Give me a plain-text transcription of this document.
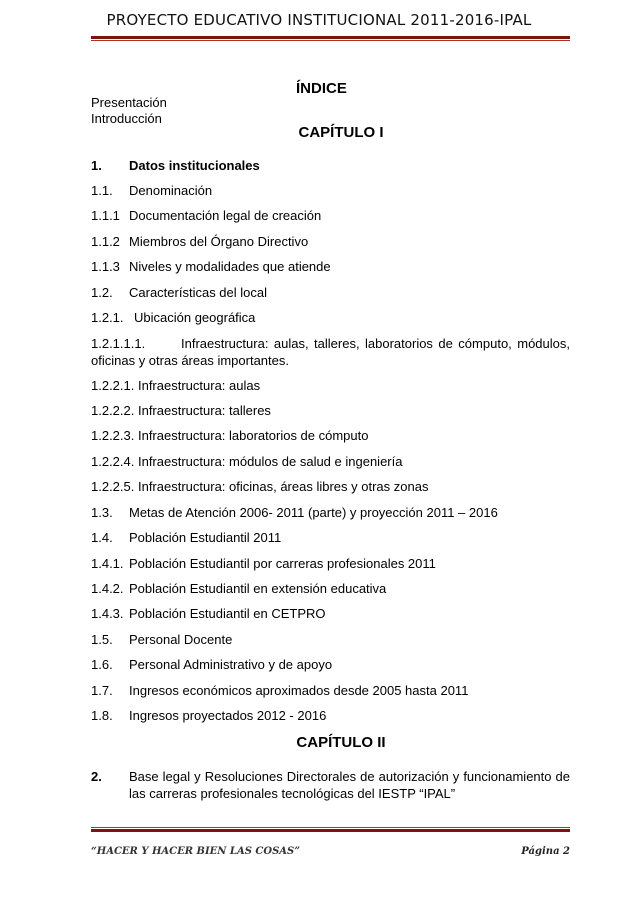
PROYECTO EDUCATIVO INSTITUCIONAL 2011-2016-IPAL
ÍNDICE
Presentación
Introducción
CAPÍTULO I
1.	Datos institucionales
1.1.	Denominación
1.1.1 Documentación legal de creación
1.1.2 Miembros del Órgano Directivo
1.1.3 Niveles y modalidades que atiende
1.2.	Características del local
1.2.1. Ubicación geográfica
1.2.1.1.1.	Infraestructura: aulas, talleres, laboratorios de cómputo, módulos, oficinas y otras áreas importantes.
1.2.2.1. Infraestructura: aulas
1.2.2.2. Infraestructura: talleres
1.2.2.3. Infraestructura: laboratorios de cómputo
1.2.2.4. Infraestructura: módulos de salud e ingeniería
1.2.2.5. Infraestructura: oficinas, áreas libres y otras zonas
1.3.	Metas de Atención 2006- 2011 (parte) y proyección 2011 – 2016
1.4.	Población Estudiantil 2011
1.4.1. Población Estudiantil por carreras profesionales 2011
1.4.2. Población Estudiantil en extensión educativa
1.4.3. Población Estudiantil en CETPRO
1.5.	Personal Docente
1.6.	Personal Administrativo y de apoyo
1.7.	Ingresos económicos aproximados desde 2005 hasta 2011
1.8.	Ingresos proyectados 2012 - 2016
CAPÍTULO II
2.	Base legal y Resoluciones Directorales de autorización y funcionamiento de las carreras profesionales tecnológicas del IESTP “IPAL”
“HACER Y HACER BIEN LAS COSAS”	Página 2
